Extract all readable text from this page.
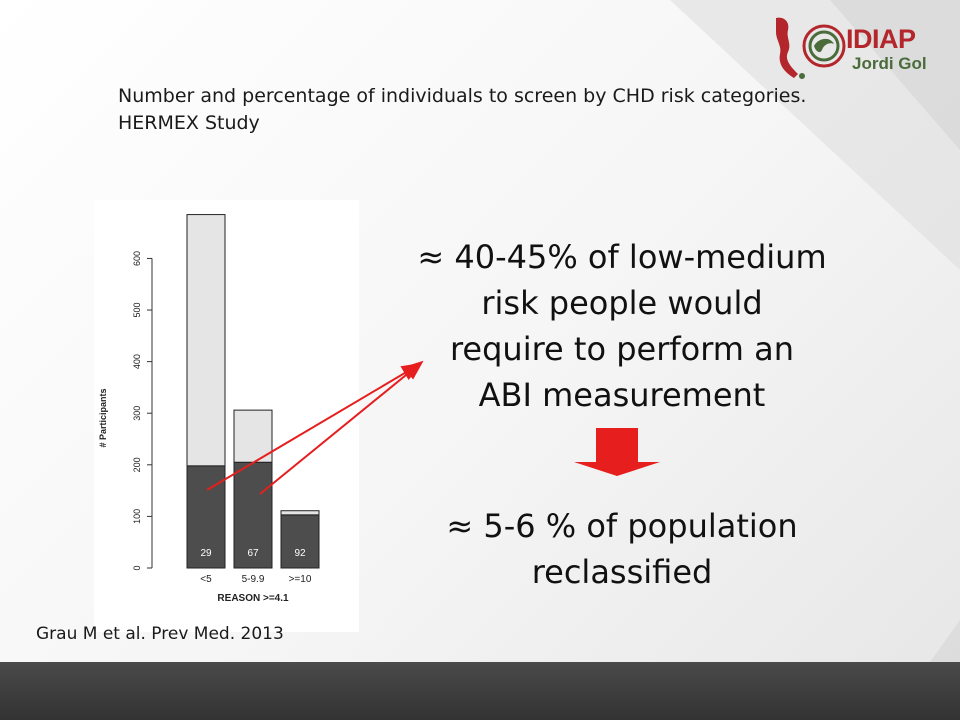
IDIAP
Jordi Gol
Number and percentage of individuals to screen by CHD risk categories. HERMEX Study
0
100
200
300
400
500
600
# Participants
29
<5
67
5-9.9
92
>=10
REASON >=4.1
≈ 40-45% of low-medium
risk people would
require to perform an
ABI measurement
≈ 5-6 % of population
reclassified
Grau M et al. Prev Med. 2013
